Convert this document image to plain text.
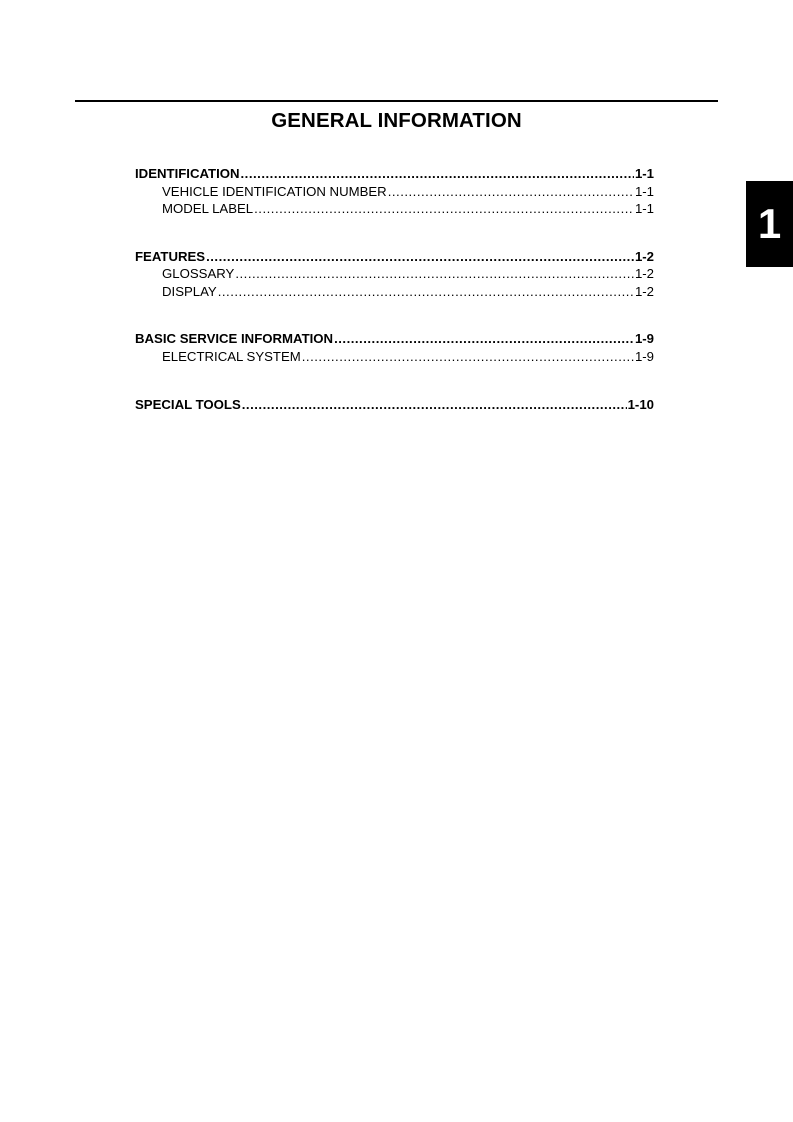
GENERAL INFORMATION
1
IDENTIFICATION .....	1-1
VEHICLE IDENTIFICATION NUMBER .....	1-1
MODEL LABEL .....	1-1
FEATURES .....	1-2
GLOSSARY .....	1-2
DISPLAY .....	1-2
BASIC SERVICE INFORMATION .....	1-9
ELECTRICAL SYSTEM .....	1-9
SPECIAL TOOLS .....	1-10
